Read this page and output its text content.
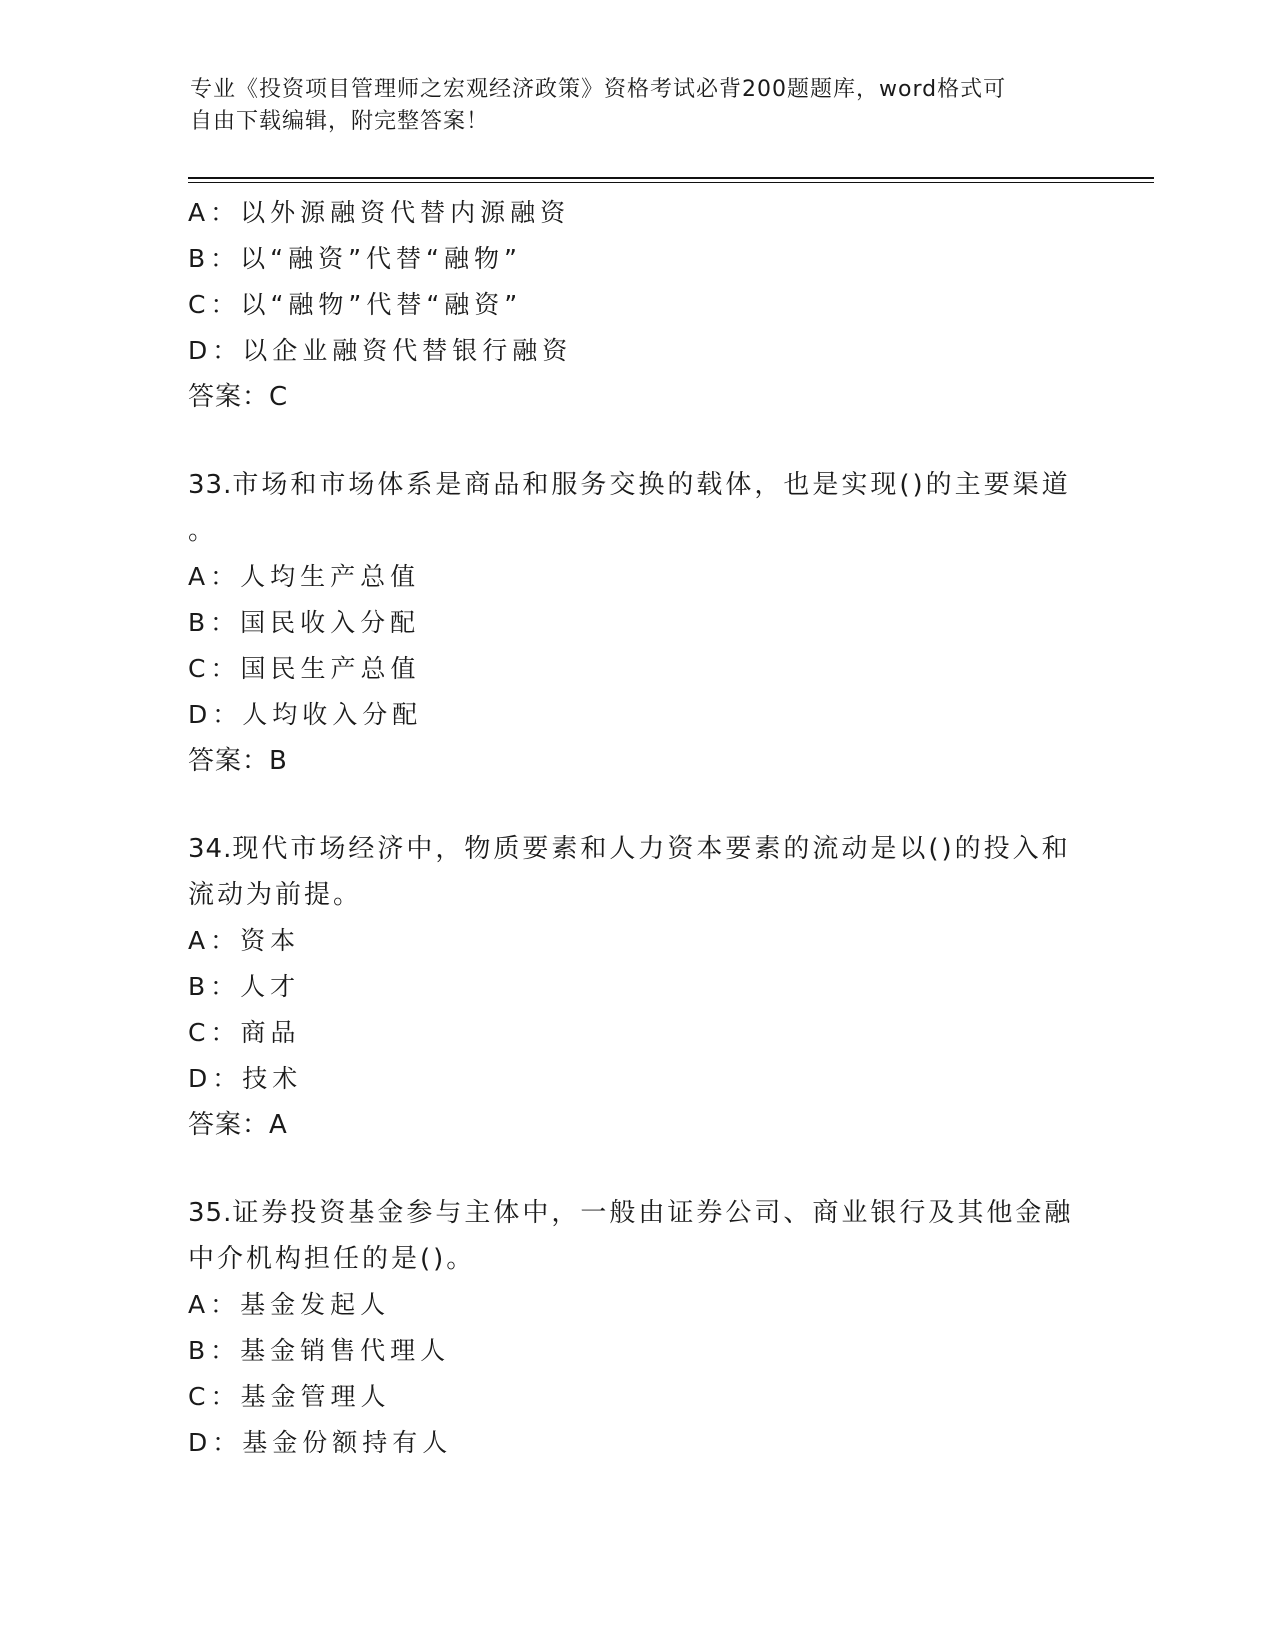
专业《投资项目管理师之宏观经济政策》资格考试必背200题题库，word格式可
自由下载编辑，附完整答案！
A：以外源融资代替内源融资
B：以“融资”代替“融物”
C：以“融物”代替“融资”
D：以企业融资代替银行融资
答案：C
33.市场和市场体系是商品和服务交换的载体，也是实现()的主要渠道
。
A：人均生产总值
B：国民收入分配
C：国民生产总值
D：人均收入分配
答案：B
34.现代市场经济中，物质要素和人力资本要素的流动是以()的投入和
流动为前提。
A：资本
B：人才
C：商品
D：技术
答案：A
35.证券投资基金参与主体中，一般由证券公司、商业银行及其他金融
中介机构担任的是()。
A：基金发起人
B：基金销售代理人
C：基金管理人
D：基金份额持有人
